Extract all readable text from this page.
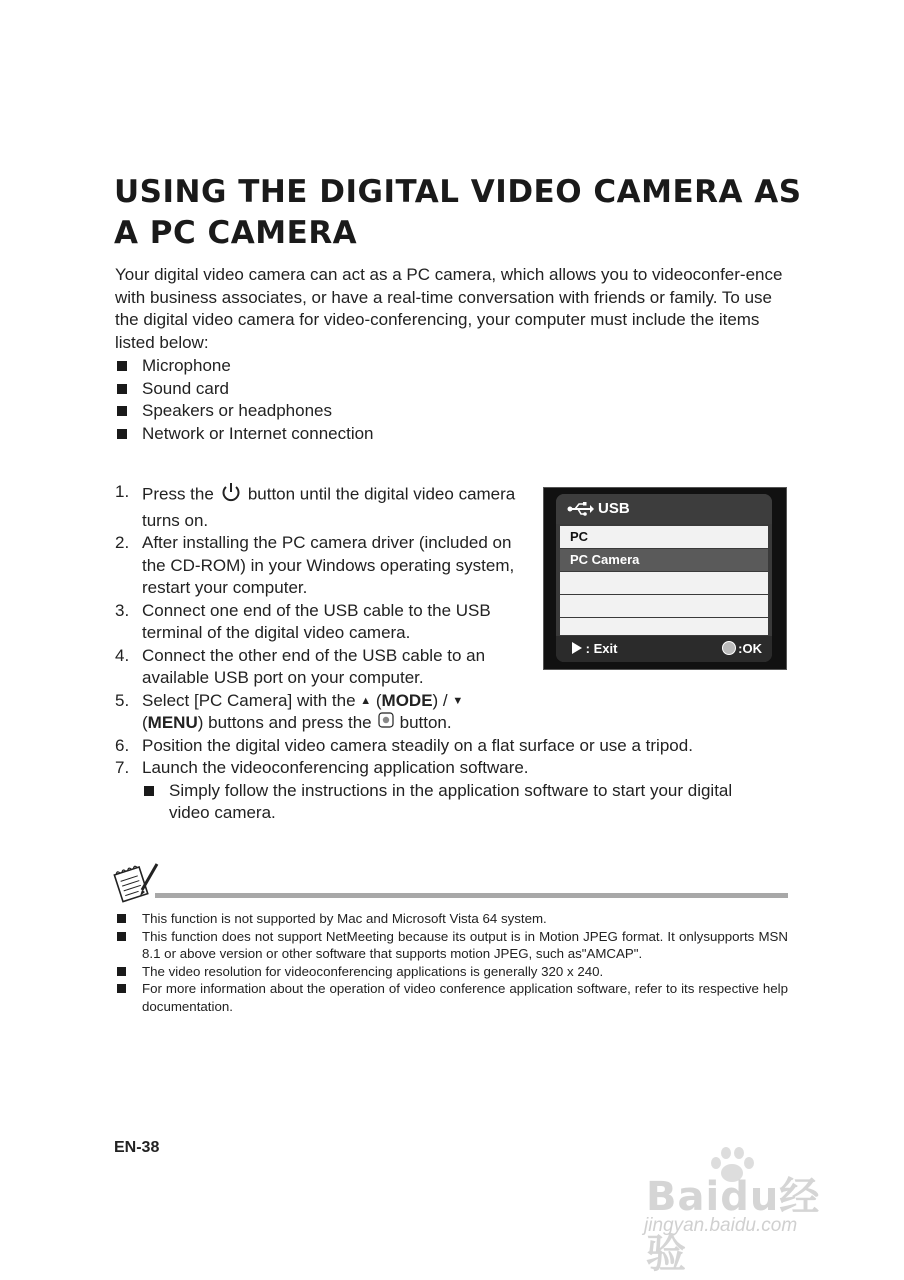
USING THE DIGITAL VIDEO CAMERA AS A PC CAMERA

Your digital video camera can act as a PC camera, which allows you to videoconfer-ence with business associates, or have a real-time conversation with friends or family. To use the digital video camera for video-conferencing, your computer must include the items listed below:

Microphone
Sound card
Speakers or headphones
Network or Internet connection
1. Press the button until the digital video camera turns on.
2. After installing the PC camera driver (included on the CD-ROM) in your Windows operating system, restart your computer.
3. Connect one end of the USB cable to the USB terminal of the digital video camera.
4. Connect the other end of the USB cable to an available USB port on your computer.
5. Select [PC Camera] with the ▲ (MODE) / ▼ (MENU) buttons and press the button.
6. Position the digital video camera steadily on a flat surface or use a tripod.
7. Launch the videoconferencing application software.
Simply follow the instructions in the application software to start your digital video camera.
USB
PC
PC Camera
: Exit	:OK
This function is not supported by Mac and Microsoft Vista 64 system.
This function does not support NetMeeting because its output is in Motion JPEG format. It onlysupports MSN 8.1 or above version or other software that supports motion JPEG, such as"AMCAP".
The video resolution for videoconferencing applications is generally 320 x 240.
For more information about the operation of video conference application software, refer to its respective help documentation.
EN-38
Baidu经验
jingyan.baidu.com
